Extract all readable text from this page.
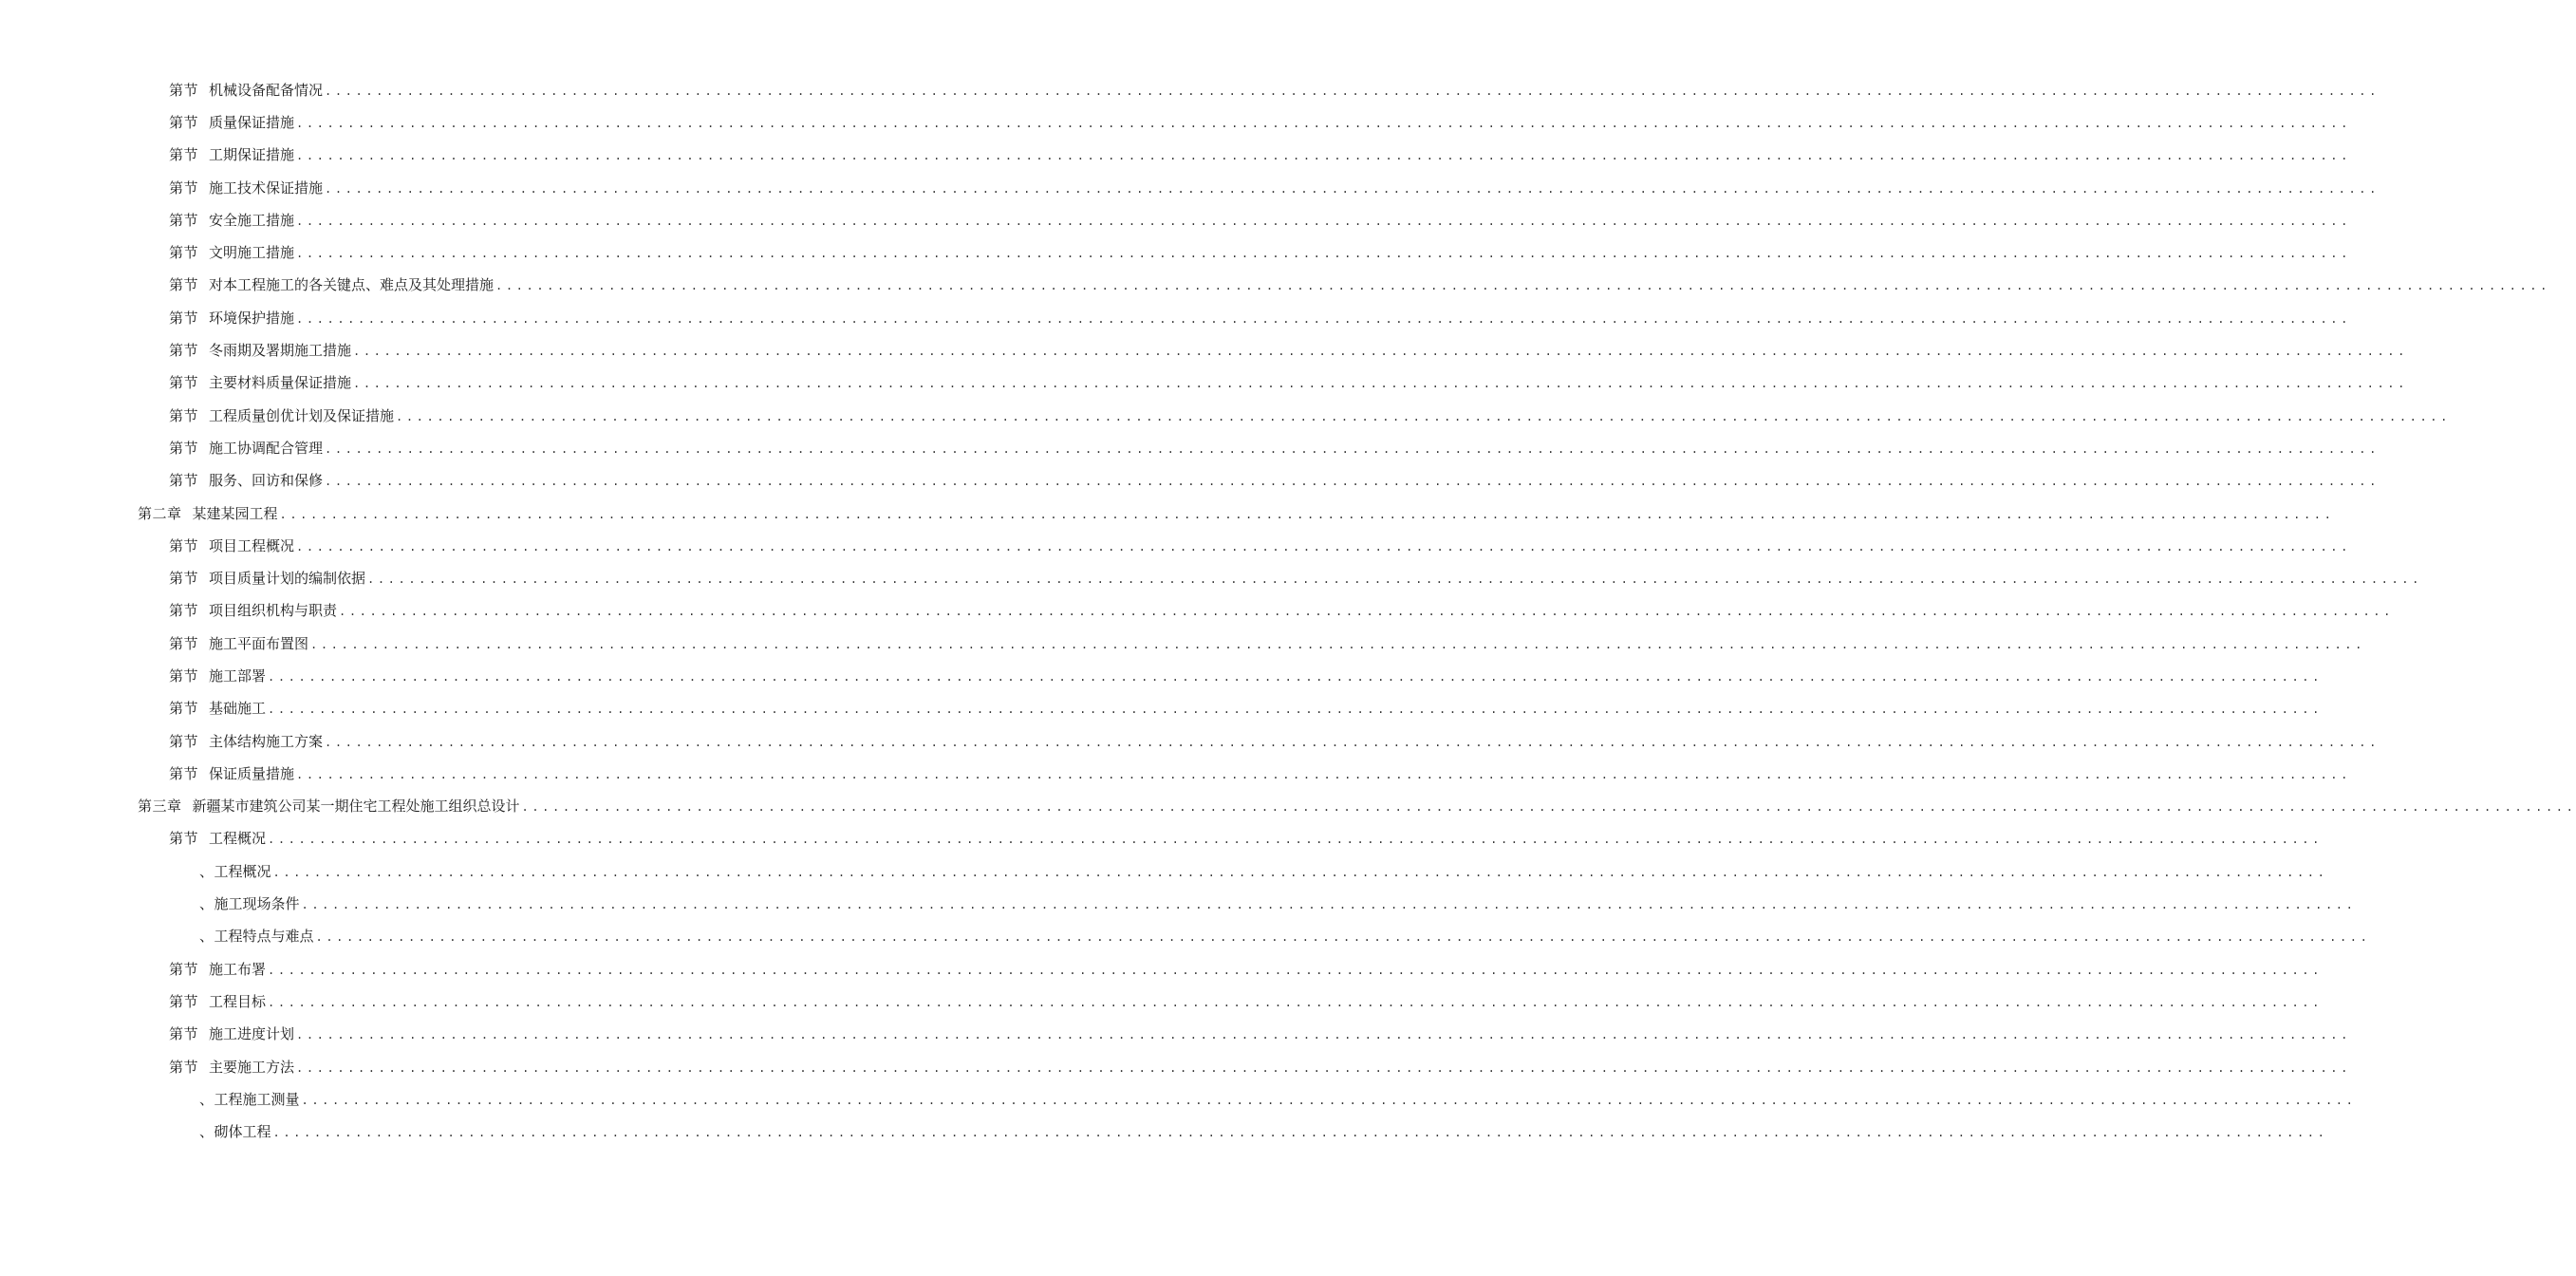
第节 机械设备配备情况 ........................................................................................................................................................................................................
第节 质量保证措施 ........................................................................................................................................................................................................
第节 工期保证措施 ........................................................................................................................................................................................................
第节 施工技术保证措施 ........................................................................................................................................................................................................
第节 安全施工措施 ........................................................................................................................................................................................................
第节 文明施工措施 ........................................................................................................................................................................................................
第节 对本工程施工的各关键点、难点及其处理措施 ........................................................................................................................................................................................................
第节 环境保护措施 ........................................................................................................................................................................................................
第节 冬雨期及署期施工措施 ........................................................................................................................................................................................................
第节 主要材料质量保证措施 ........................................................................................................................................................................................................
第节 工程质量创优计划及保证措施 ........................................................................................................................................................................................................
第节 施工协调配合管理 ........................................................................................................................................................................................................
第节 服务、回访和保修 ........................................................................................................................................................................................................
第二章 某建某园工程 ........................................................................................................................................................................................................
第节 项目工程概况 ........................................................................................................................................................................................................
第节 项目质量计划的编制依据 ........................................................................................................................................................................................................
第节 项目组织机构与职责 ........................................................................................................................................................................................................
第节 施工平面布置图 ........................................................................................................................................................................................................
第节 施工部署 ........................................................................................................................................................................................................
第节 基础施工 ........................................................................................................................................................................................................
第节 主体结构施工方案 ........................................................................................................................................................................................................
第节 保证质量措施 ........................................................................................................................................................................................................
第三章 新疆某市建筑公司某一期住宅工程处施工组织总设计 ........................................................................................................................................................................................................
第节 工程概况 ........................................................................................................................................................................................................
、 工程概况 ........................................................................................................................................................................................................
、 施工现场条件 ........................................................................................................................................................................................................
、 工程特点与难点 ........................................................................................................................................................................................................
第节 施工布署 ........................................................................................................................................................................................................
第节 工程目标 ........................................................................................................................................................................................................
第节 施工进度计划 ........................................................................................................................................................................................................
第节 主要施工方法 ........................................................................................................................................................................................................
、 工程施工测量 ........................................................................................................................................................................................................
、 砌体工程 ........................................................................................................................................................................................................
